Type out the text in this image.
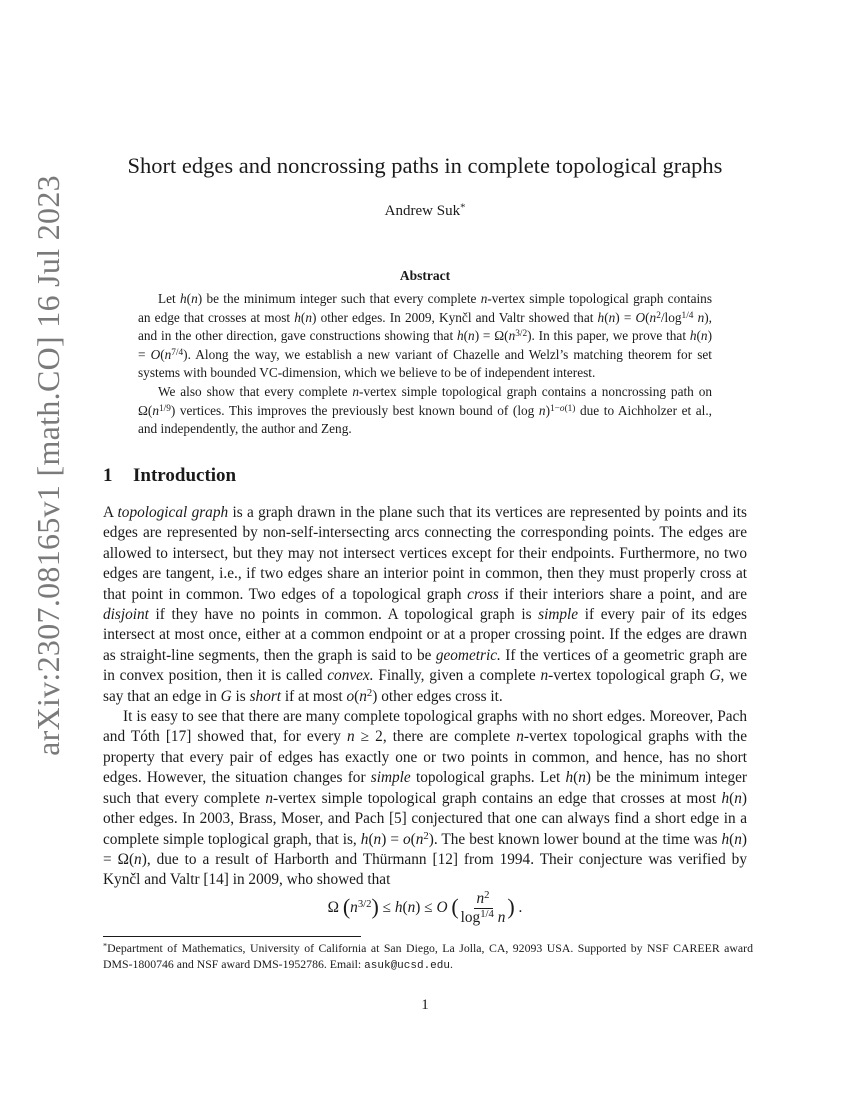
arXiv:2307.08165v1 [math.CO] 16 Jul 2023
Short edges and noncrossing paths in complete topological graphs
Andrew Suk*
Abstract

Let h(n) be the minimum integer such that every complete n-vertex simple topological graph contains an edge that crosses at most h(n) other edges. In 2009, Kynčl and Valtr showed that $h(n) = O(n^2/\log^{1/4}$ n), and in the other direction, gave constructions showing that $h(n) = \Omega(n^{3/2})$. In this paper, we prove that $h(n) = O(n^{7/4})$. Along the way, we establish a new variant of Chazelle and Welzl’s matching theorem for set systems with bounded VC-dimension, which we believe to be of independent interest.

We also show that every complete n-vertex simple topological graph contains a noncrossing path on $\Omega(n^{1/9})$ vertices. This improves the previously best known bound of (log n)$^{1-o(1)}$ due to Aichholzer et al., and independently, the author and Zeng.

1 Introduction

A topological graph is a graph drawn in the plane such that its vertices are represented by points and its edges are represented by non-self-intersecting arcs connecting the corresponding points. The edges are allowed to intersect, but they may not intersect vertices except for their endpoints. Furthermore, no two edges are tangent, i.e., if two edges share an interior point in common, then they must properly cross at that point in common. Two edges of a topological graph cross if their interiors share a point, and are disjoint if they have no points in common. A topological graph is simple if every pair of its edges intersect at most once, either at a common endpoint or at a proper crossing point. If the edges are drawn as straight-line segments, then the graph is said to be geometric. If the vertices of a geometric graph are in convex position, then it is called convex. Finally, given a complete n-vertex topological graph G, we say that an edge in G is short if at most $o(n^2)$ other edges cross it.

It is easy to see that there are many complete topological graphs with no short edges. Moreover, Pach and Tóth [17] showed that, for every n ≥ 2, there are complete n-vertex topological graphs with the property that every pair of edges has exactly one or two points in common, and hence, has no short edges. However, the situation changes for simple topological graphs. Let h(n) be the minimum integer such that every complete n-vertex simple topological graph contains an edge that crosses at most h(n) other edges. In 2003, Brass, Moser, and Pach [5] conjectured that one can always find a short edge in a complete simple toplogical graph, that is, $h(n) = o(n^2)$. The best known lower bound at the time was h(n) = Ω(n), due to a result of Harborth and Thürmann [12] from 1994. Their conjecture was verified by Kynčl and Valtr [14] in 2009, who showed that

Ω $(n^{3/2}) \le h(n) \le O$ ( $\frac{n^2}{\log^{1/4} n}$ ) .
*Department of Mathematics, University of California at San Diego, La Jolla, CA, 92093 USA. Supported by NSF CAREER award DMS-1800746 and NSF award DMS-1952786. Email: asuk@ucsd.edu.
1
